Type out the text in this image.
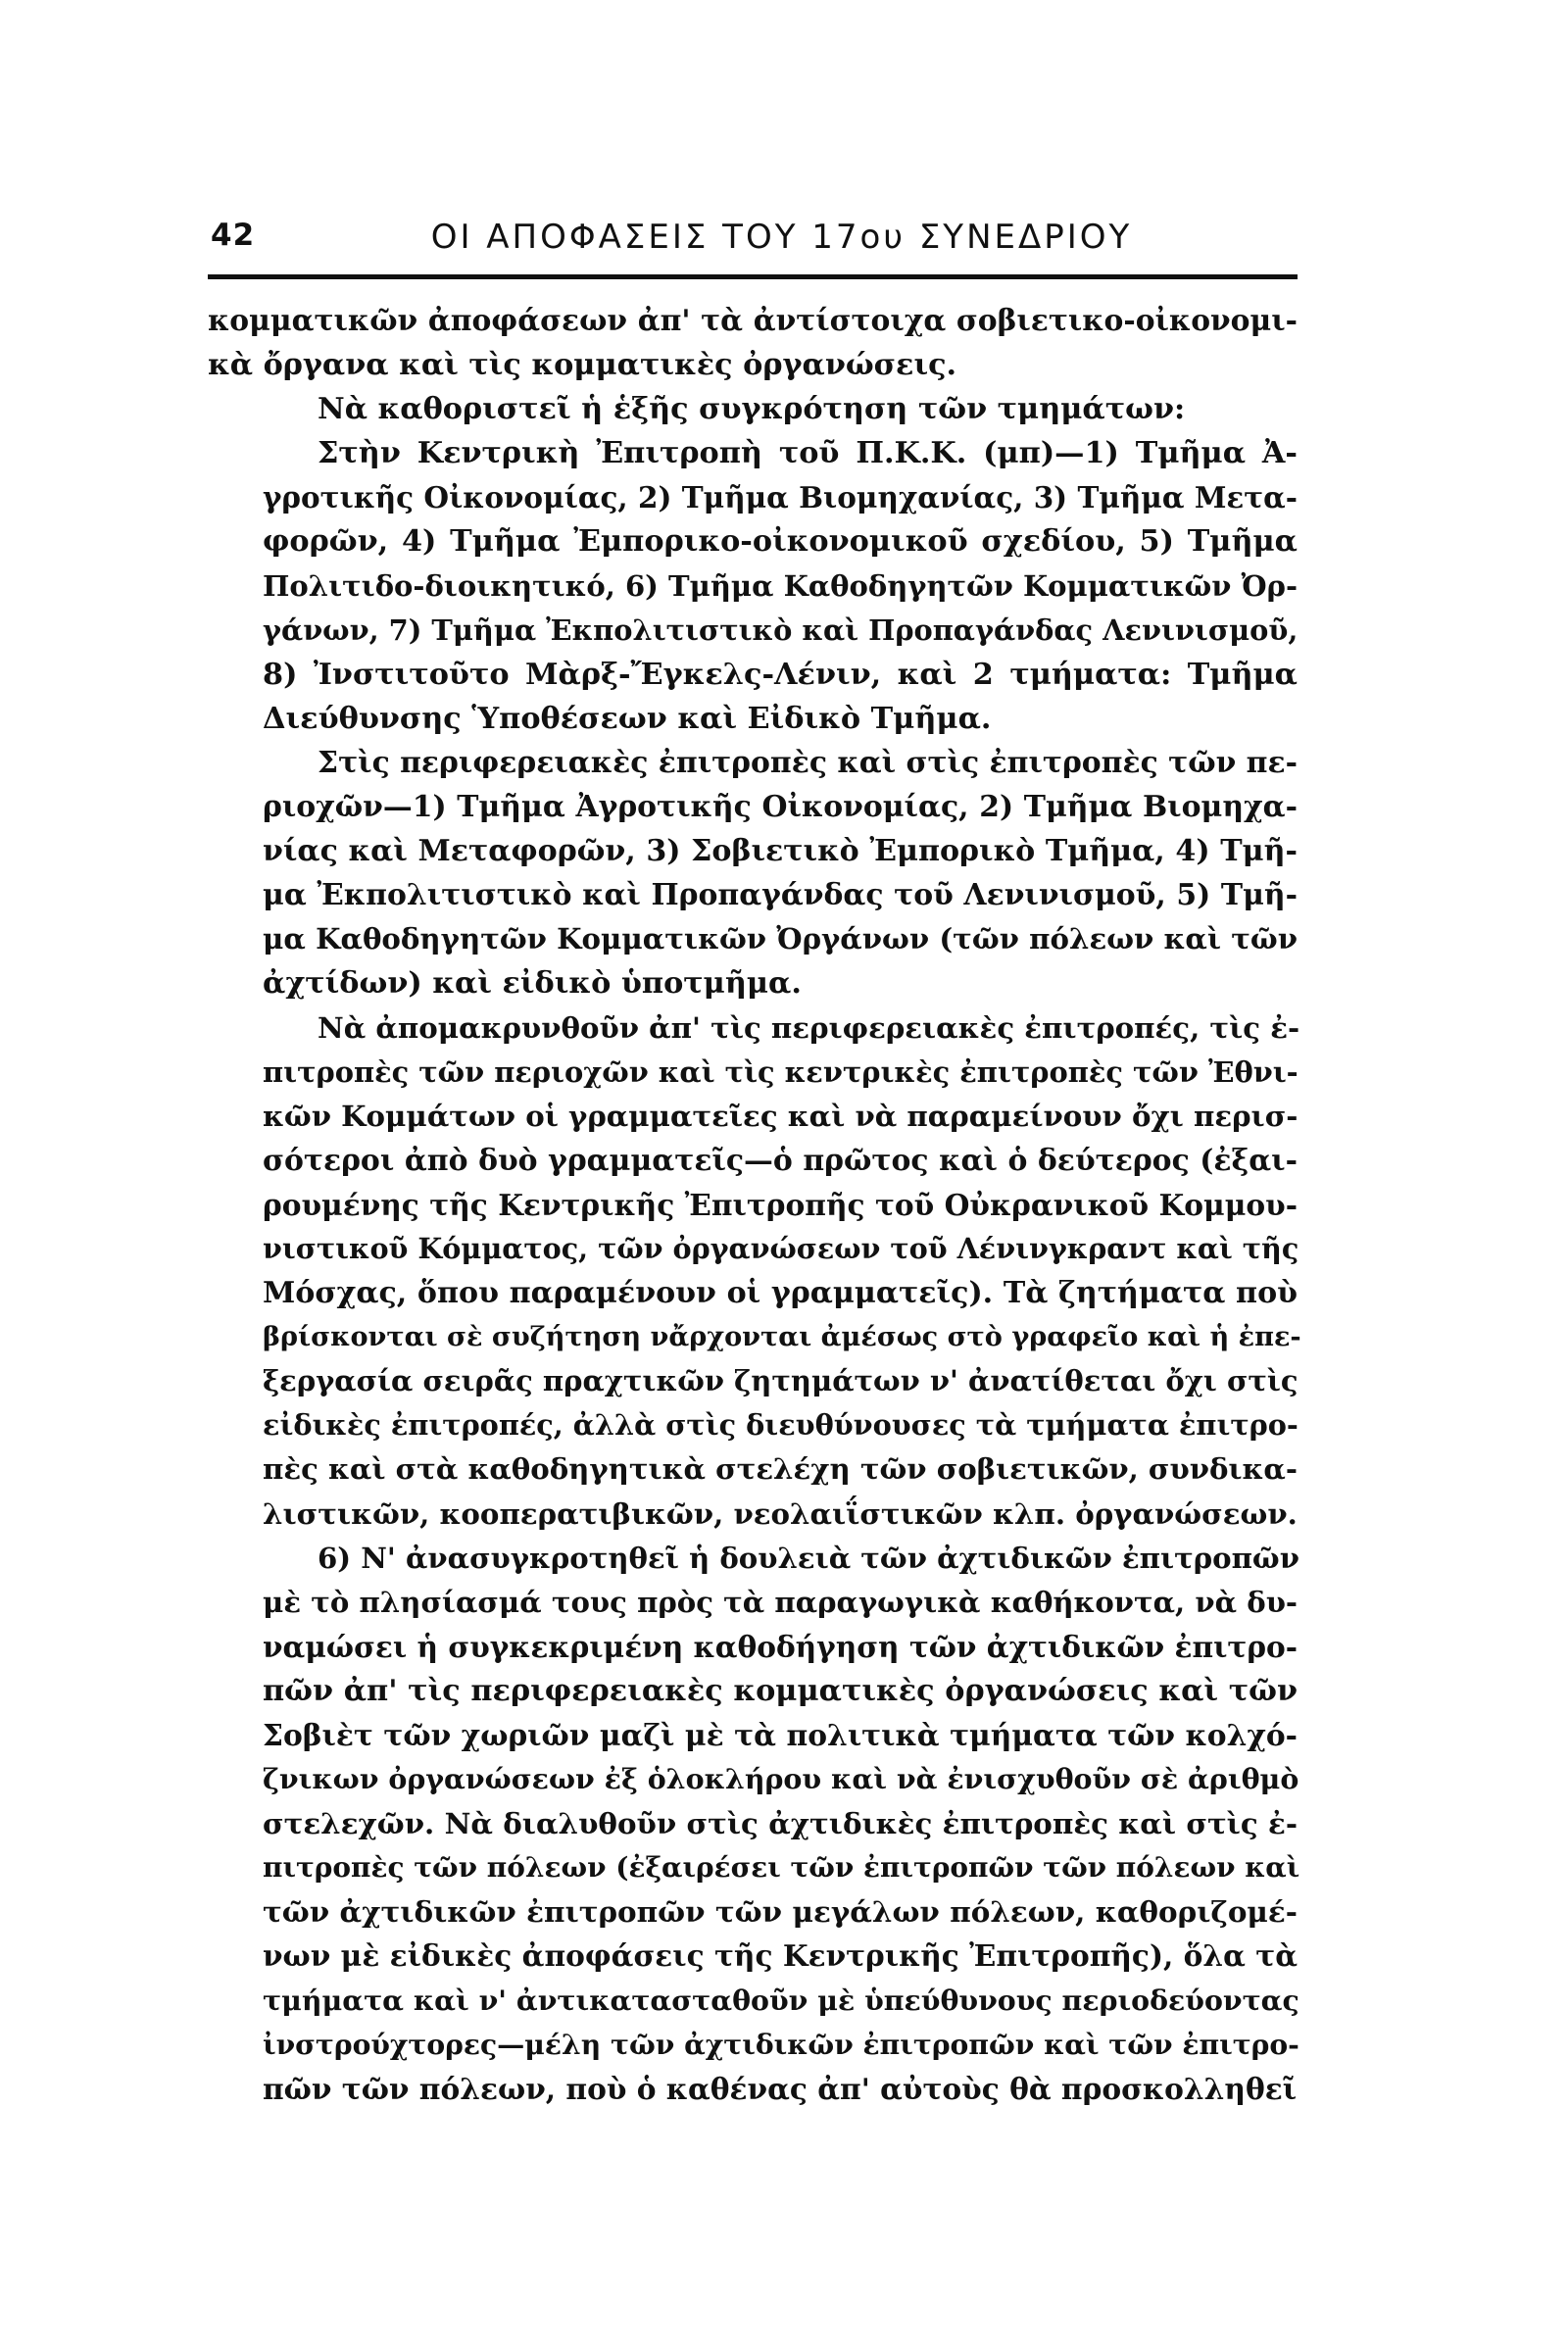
42	ΟΙ ΑΠΟΦΑΣΕΙΣ ΤΟΥ 17ου ΣΥΝΕΔΡΙΟΥ
κομματικῶν ἀποφάσεων ἀπ' τὰ ἀντίστοιχα σοβιετικο-οἰκονομι-
κὰ ὄργανα καὶ τὶς κομματικὲς ὀργανώσεις.
Νὰ καθοριστεῖ ἡ ἑξῆς συγκρότηση τῶν τμημάτων:
Στὴν Κεντρικὴ Ἐπιτροπὴ τοῦ Π.Κ.Κ. (μπ)—1) Τμῆμα Ἀ-
γροτικῆς Οἰκονομίας, 2) Τμῆμα Βιομηχανίας, 3) Τμῆμα Μετα-
φορῶν, 4) Τμῆμα Ἐμπορικο-οἰκονομικοῦ σχεδίου, 5) Τμῆμα
Πολιτιδο-διοικητικό, 6) Τμῆμα Καθοδηγητῶν Κομματικῶν Ὀρ-
γάνων, 7) Τμῆμα Ἐκπολιτιστικὸ καὶ Προπαγάνδας Λενινισμοῦ,
8) Ἰνστιτοῦτο Μὰρξ-Ἔγκελς-Λένιν, καὶ 2 τμήματα: Τμῆμα
Διεύθυνσης Ὑποθέσεων καὶ Εἰδικὸ Τμῆμα.
Στὶς περιφερειακὲς ἐπιτροπὲς καὶ στὶς ἐπιτροπὲς τῶν πε-
ριοχῶν—1) Τμῆμα Ἀγροτικῆς Οἰκονομίας, 2) Τμῆμα Βιομηχα-
νίας καὶ Μεταφορῶν, 3) Σοβιετικὸ Ἐμπορικὸ Τμῆμα, 4) Τμῆ-
μα Ἐκπολιτιστικὸ καὶ Προπαγάνδας τοῦ Λενινισμοῦ, 5) Τμῆ-
μα Καθοδηγητῶν Κομματικῶν Ὀργάνων (τῶν πόλεων καὶ τῶν
ἀχτίδων) καὶ εἰδικὸ ὑποτμῆμα.
Νὰ ἀπομακρυνθοῦν ἀπ' τὶς περιφερειακὲς ἐπιτροπές, τὶς ἐ-
πιτροπὲς τῶν περιοχῶν καὶ τὶς κεντρικὲς ἐπιτροπὲς τῶν Ἐθνι-
κῶν Κομμάτων οἱ γραμματεῖες καὶ νὰ παραμείνουν ὄχι περισ-
σότεροι ἀπὸ δυὸ γραμματεῖς—ὁ πρῶτος καὶ ὁ δεύτερος (ἐξαι-
ρουμένης τῆς Κεντρικῆς Ἐπιτροπῆς τοῦ Οὐκρανικοῦ Κομμου-
νιστικοῦ Κόμματος, τῶν ὀργανώσεων τοῦ Λένινγκραντ καὶ τῆς
Μόσχας, ὅπου παραμένουν οἱ γραμματεῖς). Τὰ ζητήματα ποὺ
βρίσκονται σὲ συζήτηση νἄρχονται ἀμέσως στὸ γραφεῖο καὶ ἡ ἐπε-
ξεργασία σειρᾶς πραχτικῶν ζητημάτων ν' ἀνατίθεται ὄχι στὶς
εἰδικὲς ἐπιτροπές, ἀλλὰ στὶς διευθύνουσες τὰ τμήματα ἐπιτρο-
πὲς καὶ στὰ καθοδηγητικὰ στελέχη τῶν σοβιετικῶν, συνδικα-
λιστικῶν, κοοπερατιβικῶν, νεολαιΐστικῶν κλπ. ὀργανώσεων.
6) Ν' ἀνασυγκροτηθεῖ ἡ δουλειὰ τῶν ἀχτιδικῶν ἐπιτροπῶν
μὲ τὸ πλησίασμά τους πρὸς τὰ παραγωγικὰ καθήκοντα, νὰ δυ-
ναμώσει ἡ συγκεκριμένη καθοδήγηση τῶν ἀχτιδικῶν ἐπιτρο-
πῶν ἀπ' τὶς περιφερειακὲς κομματικὲς ὀργανώσεις καὶ τῶν
Σοβιὲτ τῶν χωριῶν μαζὶ μὲ τὰ πολιτικὰ τμήματα τῶν κολχό-
ζνικων ὀργανώσεων ἐξ ὁλοκλήρου καὶ νὰ ἐνισχυθοῦν σὲ ἀριθμὸ
στελεχῶν. Νὰ διαλυθοῦν στὶς ἀχτιδικὲς ἐπιτροπὲς καὶ στὶς ἐ-
πιτροπὲς τῶν πόλεων (ἐξαιρέσει τῶν ἐπιτροπῶν τῶν πόλεων καὶ
τῶν ἀχτιδικῶν ἐπιτροπῶν τῶν μεγάλων πόλεων, καθοριζομέ-
νων μὲ εἰδικὲς ἀποφάσεις τῆς Κεντρικῆς Ἐπιτροπῆς), ὅλα τὰ
τμήματα καὶ ν' ἀντικατασταθοῦν μὲ ὑπεύθυνους περιοδεύοντας
ἰνστρούχτορες—μέλη τῶν ἀχτιδικῶν ἐπιτροπῶν καὶ τῶν ἐπιτρο-
πῶν τῶν πόλεων, ποὺ ὁ καθένας ἀπ' αὐτοὺς θὰ προσκολληθεῖ
